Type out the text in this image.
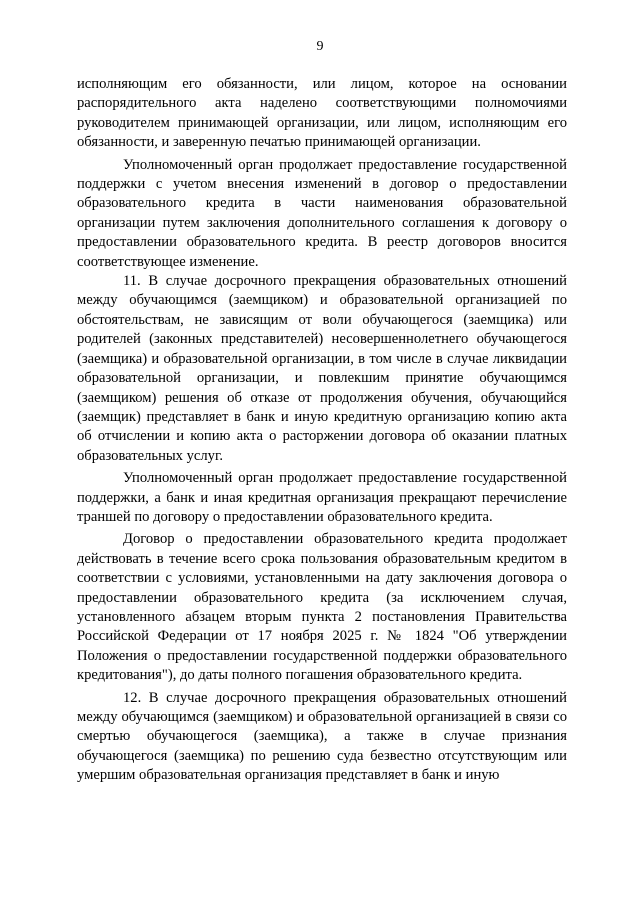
9

исполняющим его обязанности, или лицом, которое на основании распорядительного акта наделено соответствующими полномочиями руководителем принимающей организации, или лицом, исполняющим его обязанности, и заверенную печатью принимающей организации.

Уполномоченный орган продолжает предоставление государственной поддержки с учетом внесения изменений в договор о предоставлении образовательного кредита в части наименования образовательной организации путем заключения дополнительного соглашения к договору о предоставлении образовательного кредита. В реестр договоров вносится соответствующее изменение.

11. В случае досрочного прекращения образовательных отношений между обучающимся (заемщиком) и образовательной организацией по обстоятельствам, не зависящим от воли обучающегося (заемщика) или родителей (законных представителей) несовершеннолетнего обучающегося (заемщика) и образовательной организации, в том числе в случае ликвидации образовательной организации, и повлекшим принятие обучающимся (заемщиком) решения об отказе от продолжения обучения, обучающийся (заемщик) представляет в банк и иную кредитную организацию копию акта об отчислении и копию акта о расторжении договора об оказании платных образовательных услуг.

Уполномоченный орган продолжает предоставление государственной поддержки, а банк и иная кредитная организация прекращают перечисление траншей по договору о предоставлении образовательного кредита.

Договор о предоставлении образовательного кредита продолжает действовать в течение всего срока пользования образовательным кредитом в соответствии с условиями, установленными на дату заключения договора о предоставлении образовательного кредита (за исключением случая, установленного абзацем вторым пункта 2 постановления Правительства Российской Федерации от 17 ноября 2025 г. № 1824 "Об утверждении Положения о предоставлении государственной поддержки образовательного кредитования"), до даты полного погашения образовательного кредита.

12. В случае досрочного прекращения образовательных отношений между обучающимся (заемщиком) и образовательной организацией в связи со смертью обучающегося (заемщика), а также в случае признания обучающегося (заемщика) по решению суда безвестно отсутствующим или умершим образовательная организация представляет в банк и иную
